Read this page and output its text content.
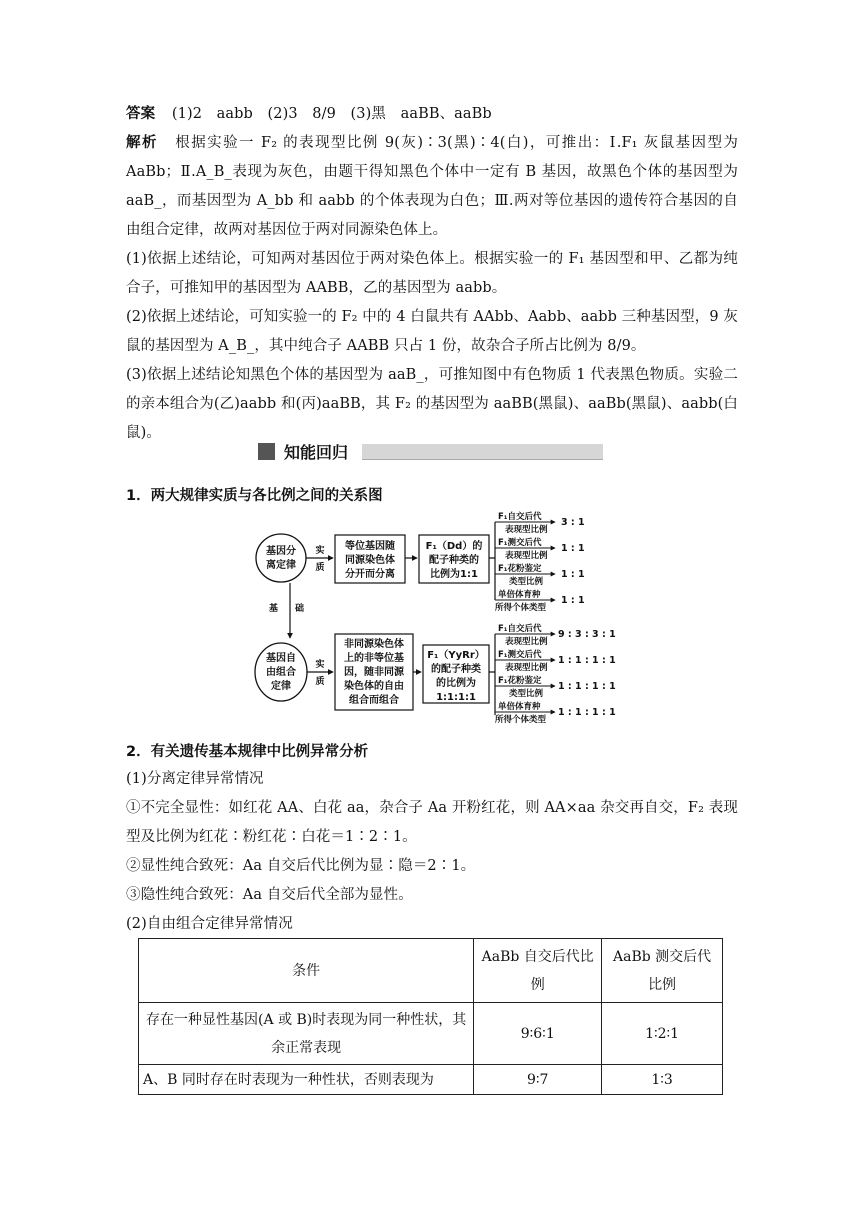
答案 (1)2　aabb　(2)3　8/9　(3)黑　aaBB、aaBb
解析 根据实验一 F₂ 的表现型比例 9(灰)∶3(黑)∶4(白)，可推出：Ⅰ.F₁ 灰鼠基因型为 AaBb；Ⅱ.A_B_表现为灰色，由题干得知黑色个体中一定有 B 基因，故黑色个体的基因型为 aaB_，而基因型为 A_bb 和 aabb 的个体表现为白色；Ⅲ.两对等位基因的遗传符合基因的自由组合定律，故两对基因位于两对同源染色体上。
(1)依据上述结论，可知两对基因位于两对染色体上。根据实验一的 F₁ 基因型和甲、乙都为纯合子，可推知甲的基因型为 AABB，乙的基因型为 aabb。
(2)依据上述结论，可知实验一的 F₂ 中的 4 白鼠共有 AAbb、Aabb、aabb 三种基因型，9 灰鼠的基因型为 A_B_，其中纯合子 AABB 只占 1 份，故杂合子所占比例为 8/9。
(3)依据上述结论知黑色个体的基因型为 aaB_，可推知图中有色物质 1 代表黑色物质。实验二的亲本组合为(乙)aabb 和(丙)aaBB，其 F₂ 的基因型为 aaBB(黑鼠)、aaBb(黑鼠)、aabb(白鼠)。
知能回归
1．两大规律实质与各比例之间的关系图
基因分离定律
实质
等位基因随同源染色体分开而分离
F₁（Dd）的配子种类的比例为1:1
F₁自交后代
表现型比例
3 : 1
F₁测交后代
表现型比例
1 : 1
F₁花粉鉴定
类型比例
1 : 1
单倍体育种
所得个体类型
1 : 1
基 础
基因自由组合定律
实质
非同源染色体上的非等位基因，随非同源染色体的自由组合而组合
F₁（YyRr）的配子种类的比例为 1:1:1:1
F₁自交后代
表现型比例
9 : 3 : 3 : 1
F₁测交后代
表现型比例
1 : 1 : 1 : 1
F₁花粉鉴定
类型比例
1 : 1 : 1 : 1
单倍体育种
所得个体类型
1 : 1 : 1 : 1
2．有关遗传基本规律中比例异常分析
(1)分离定律异常情况
①不完全显性：如红花 AA、白花 aa，杂合子 Aa 开粉红花，则 AA×aa 杂交再自交，F₂ 表现型及比例为红花∶粉红花∶白花＝1∶2∶1。
②显性纯合致死：Aa 自交后代比例为显∶隐＝2∶1。
③隐性纯合致死：Aa 自交后代全部为显性。
(2)自由组合定律异常情况
条件	AaBb 自交后代比例	AaBb 测交后代比例
存在一种显性基因(A 或 B)时表现为同一种性状，其余正常表现	9∶6∶1	1∶2∶1
A、B 同时存在时表现为一种性状，否则表现为	9∶7	1∶3
